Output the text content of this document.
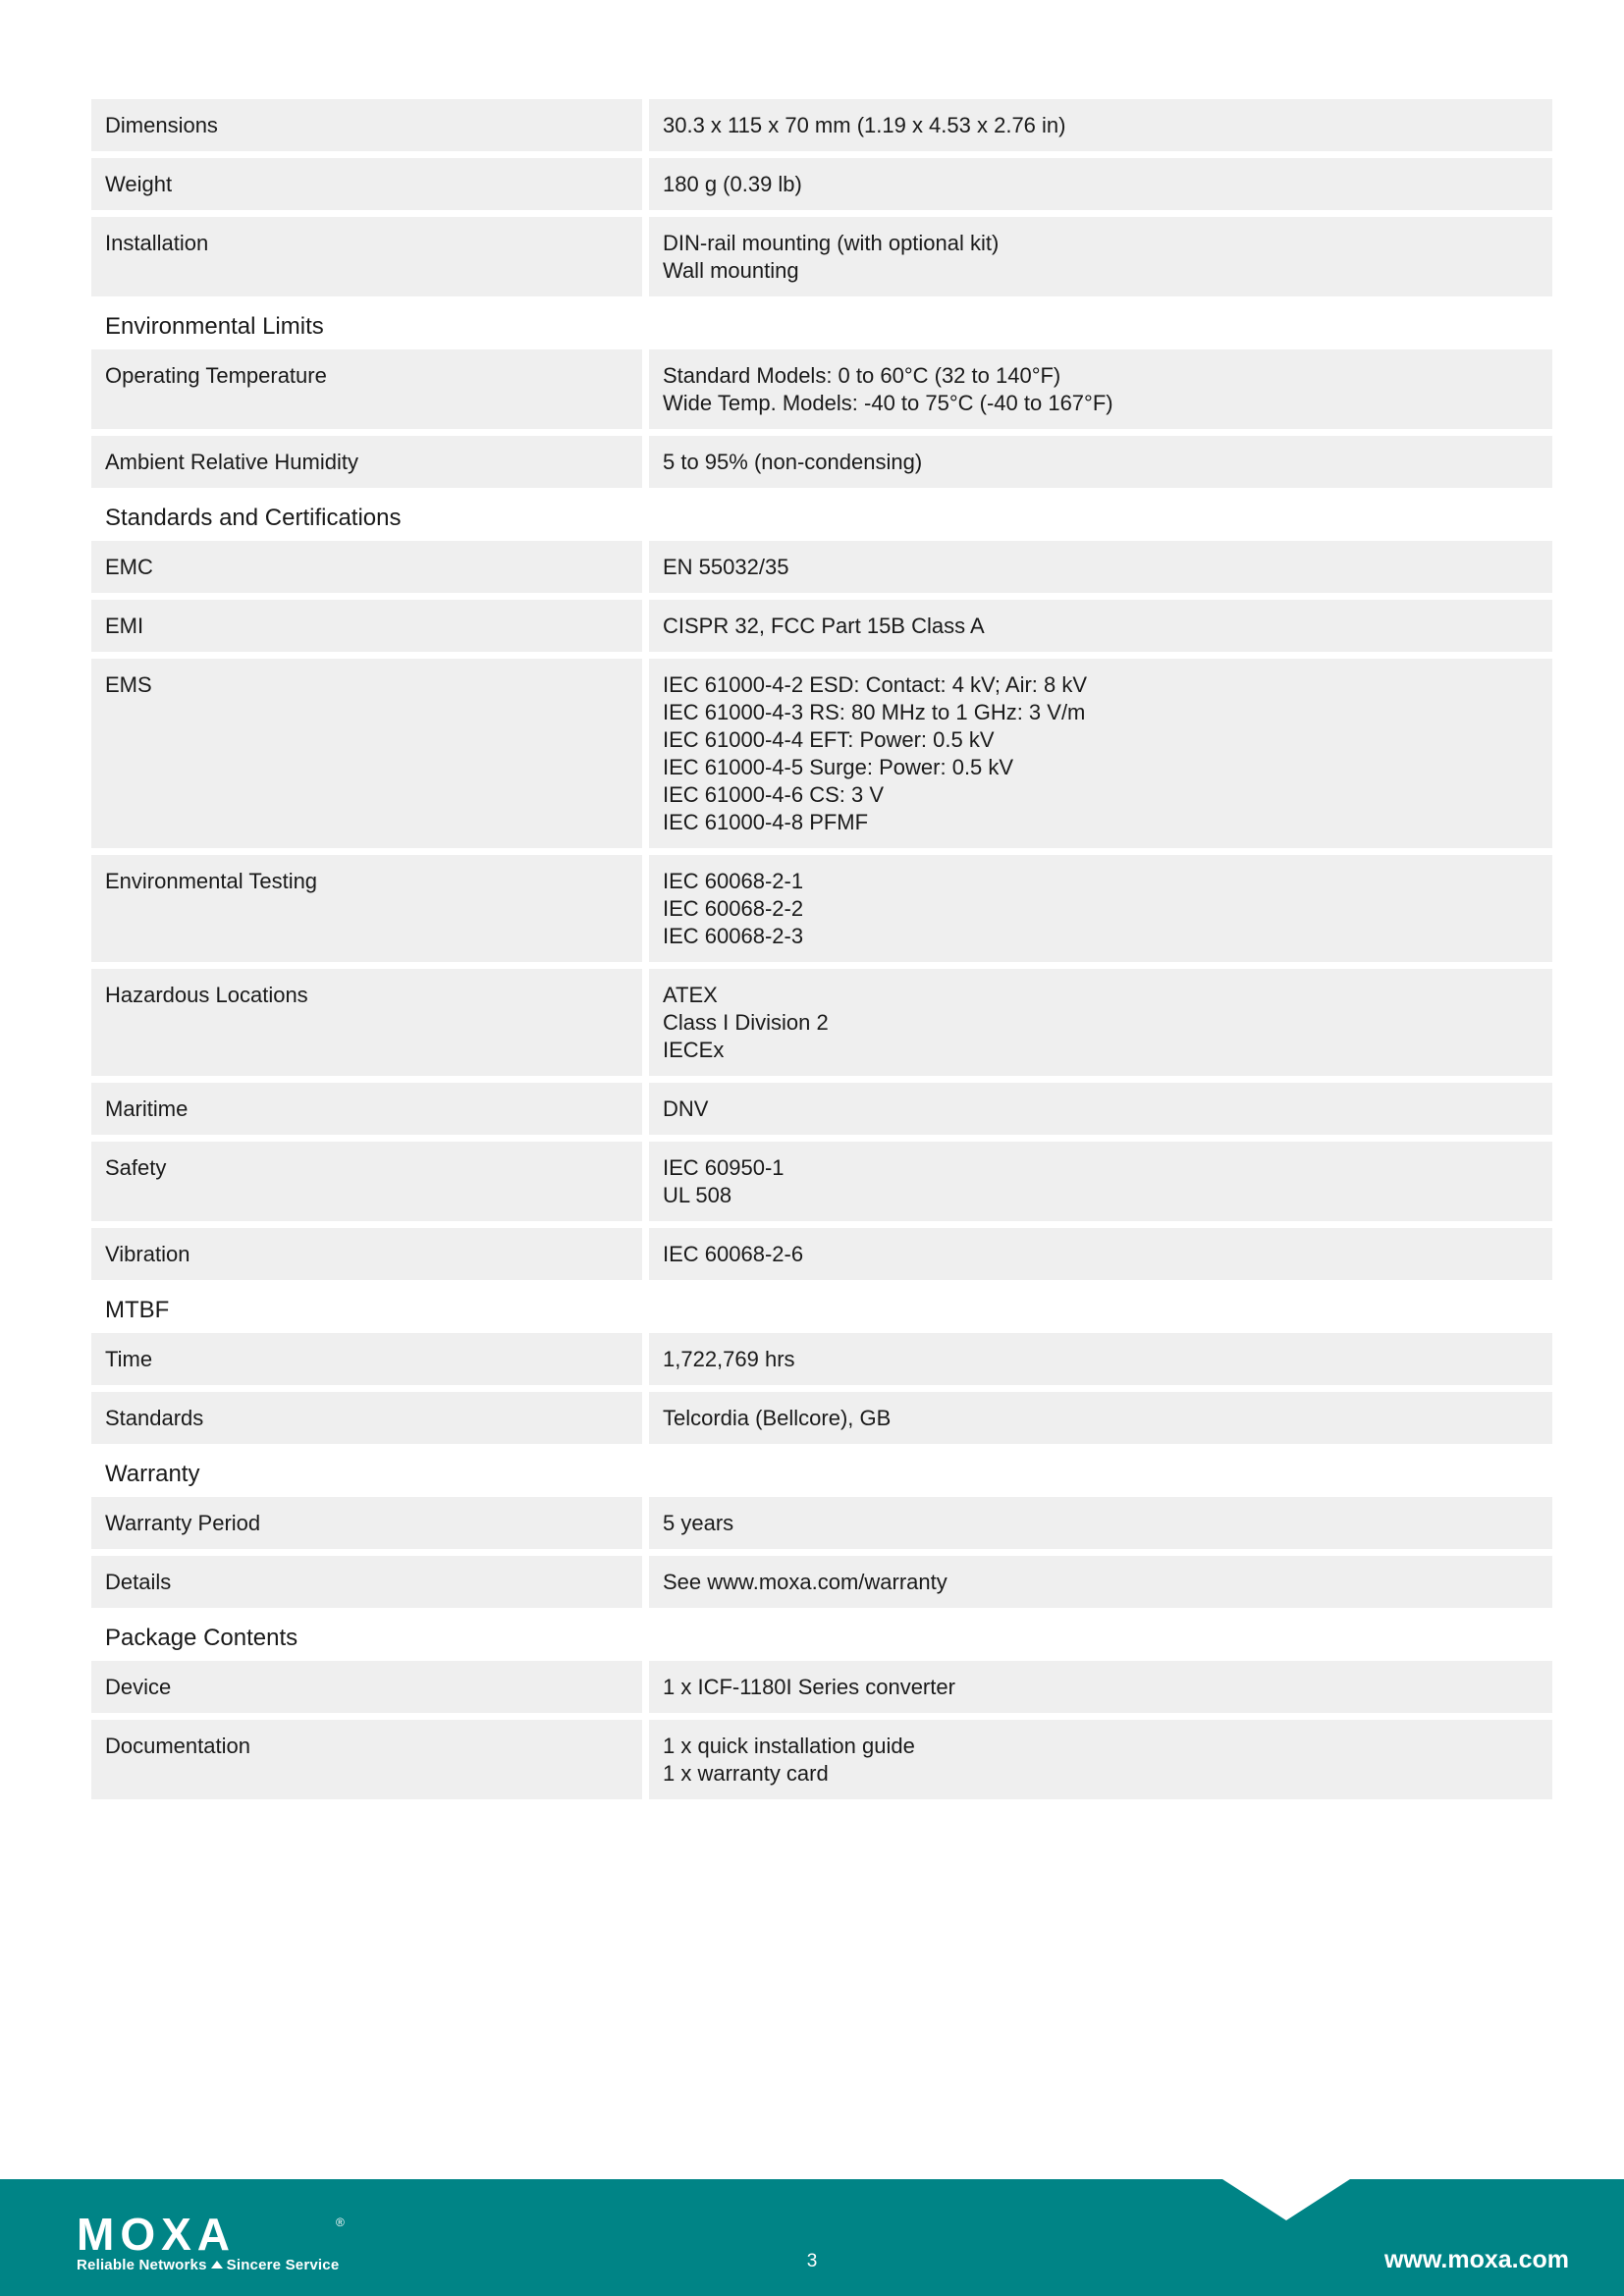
Dimensions	30.3 x 115 x 70 mm (1.19 x 4.53 x 2.76 in)
Weight	180 g (0.39 lb)
Installation	DIN-rail mounting (with optional kit)
Wall mounting
Environmental Limits
Operating Temperature	Standard Models: 0 to 60°C (32 to 140°F)
Wide Temp. Models: -40 to 75°C (-40 to 167°F)
Ambient Relative Humidity	5 to 95% (non-condensing)
Standards and Certifications
EMC	EN 55032/35
EMI	CISPR 32, FCC Part 15B Class A
EMS	IEC 61000-4-2 ESD: Contact: 4 kV; Air: 8 kV
IEC 61000-4-3 RS: 80 MHz to 1 GHz: 3 V/m
IEC 61000-4-4 EFT: Power: 0.5 kV
IEC 61000-4-5 Surge: Power: 0.5 kV
IEC 61000-4-6 CS: 3 V
IEC 61000-4-8 PFMF
Environmental Testing	IEC 60068-2-1
IEC 60068-2-2
IEC 60068-2-3
Hazardous Locations	ATEX
Class I Division 2
IECEx
Maritime	DNV
Safety	IEC 60950-1
UL 508
Vibration	IEC 60068-2-6
MTBF
Time	1,722,769 hrs
Standards	Telcordia (Bellcore), GB
Warranty
Warranty Period	5 years
Details	See www.moxa.com/warranty
Package Contents
Device	1 x ICF-1180I Series converter
Documentation	1 x quick installation guide
1 x warranty card
MOXA	®
Reliable Networks Sincere Service	3	www.moxa.com
